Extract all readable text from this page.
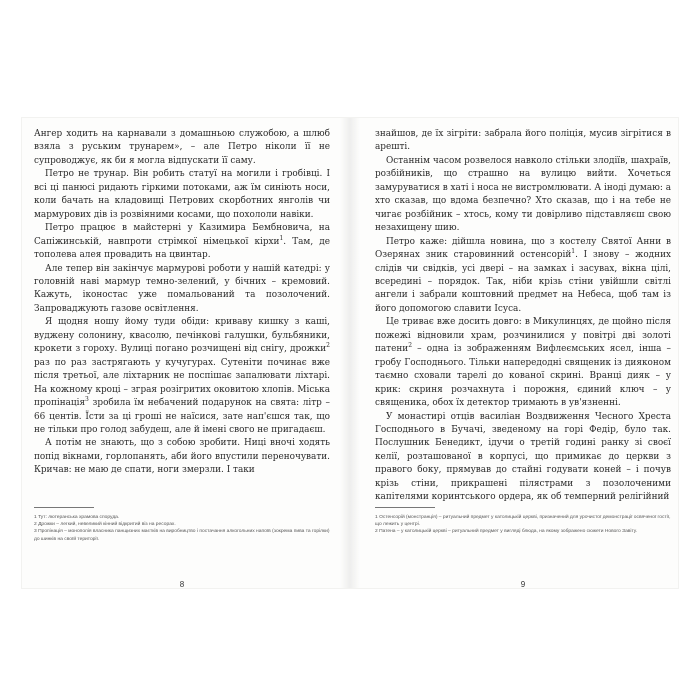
Ангер ходить на карнавали з домашньою служобою, а шлюб взяла з руським трунарем», – але Петро ніколи її не супроводжує, як би я могла відпускати її саму.

Петро не трунар. Він робить статуї на могили і гробівці. І всі ці панюсі ридають гіркими потоками, аж їм синіють носи, коли бачать на кладовищі Петрових скорботних янголів чи мармурових дів із розвіяними косами, що похололи навіки.

Петро працює в майстерні у Казимира Бембновича, на Сапіжинській, навпроти стрімкої німецької кірхи$^1$. Там, де тополева алея провадить на цвинтар.

Але тепер він закінчує мармурові роботи у нашій катедрі: у головній наві мармур темно-зелений, у бічних – кремовий. Кажуть, іконостас уже помальований та позолочений. Запроваджують газове освітлення.

Я щодня ношу йому туди обіди: криваву кишку з каші, вуджену солонину, квасолю, печінкові галушки, бульбяники, крокети з гороху. Вулиці погано розчищені від снігу, дрожки$^2$ раз по раз застрягають у кучугурах. Сутеніти починає вже після третьої, але ліхтарник не поспішає запалювати ліхтарі. На кожному кроці – зграя розігритих оковитою хлопів. Міська пропінація$^3$ зробила їм небачений подарунок на свята: літр – 66 центів. Їсти за ці гроші не наїсися, зате нап'єшся так, що не тільки про голод забудеш, але й імені свого не пригадаєш.

А потім не знають, що з собою зробити. Ниці вночі ходять попід вікнами, горлопанять, аби його впустили переночувати. Кричав: не маю де спати, ноги змерзли. І таки

1 Тут: лютеранська храмова споруда.

2 Дрожки – легкий, невеликий кінний відкритий віз на ресорах.

3 Пропінація – монополія власника панщизних маєтків на виробництво і постачання алкогольних напоїв (зокрема пива та горілки) до шинків на своїй території.

8

знайшов, де їх зігріти: забрала його поліція, мусив зігрітися в арешті.

Останнім часом розвелося навколо стільки злодіїв, шахраїв, розбійників, що страшно на вулицю вийти. Хочеться замуруватися в хаті і носа не вистромлювати. А іноді думаю: а хто сказав, що вдома безпечно? Хто сказав, що і на тебе не чигає розбійник – хтось, кому ти довірливо підставляєш свою незахищену шию.

Петро каже: дійшла новина, що з костелу Святої Анни в Озерянах зник старовинний остенсорій$^1$. І знову – жодних слідів чи свідків, усі двері – на замках і засувах, вікна цілі, всередині – порядок. Так, ніби крізь стіни увійшли світлі ангели і забрали коштовний предмет на Небеса, щоб там із його допомогою славити Ісуса.

Це триває вже досить довго: в Микулинцях, де щойно після пожежі відновили храм, розчинилися у повітрі дві золоті патени$^2$ – одна із зображенням Вифлеємських ясел, інша – гробу Господнього. Тільки напередодні священик із дияконом таємно сховали тарелі до кованої скрині. Вранці дияк – у крик: скриня розчахнута і порожня, єдиний ключ – у священика, обох їх детектор тримають в ув'язненні.

У монастирі отців василіан Воздвиження Чесного Хреста Господнього в Бучачі, зведеному на горі Федір, було так. Послушник Бенедикт, ідучи о третій годині ранку зі своєї келії, розташованої в корпусі, що примикає до церкви з правого боку, прямував до стайні годувати коней – і почув крізь стіни, прикрашені пілястрами з позолоченими капітелями коринтського ордера, як об темперний релігійний

1 Остенсорій (монстранція) – ритуальний предмет у католицькій церкві, призначений для урочистої демонстрації освяченої гостії, що лежить у центрі.

2 Патена – у католицькій церкві – ритуальний предмет у вигляді блюда, на якому зображено сюжети Нового Завіту.

9
